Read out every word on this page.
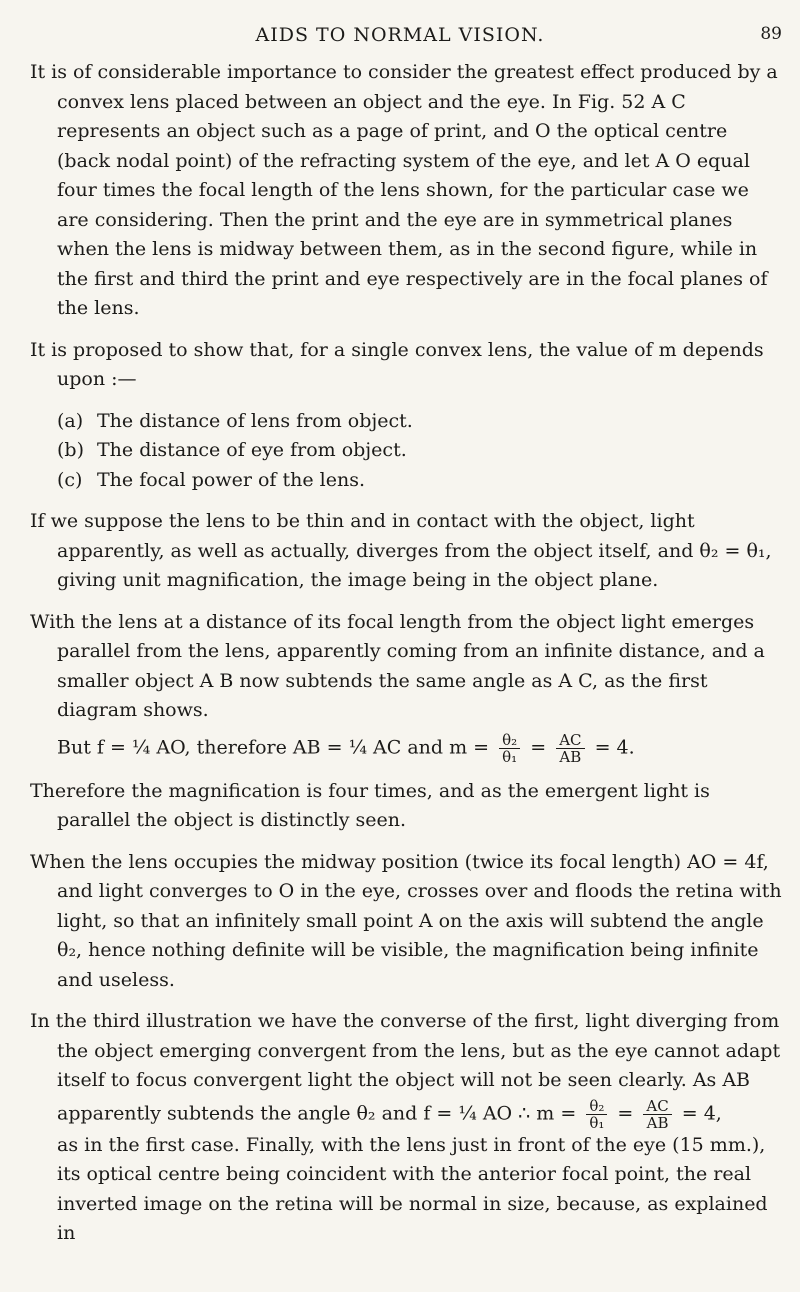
AIDS TO NORMAL VISION.	89

It is of considerable importance to consider the greatest effect produced by a convex lens placed between an object and the eye. In Fig. 52 A C represents an object such as a page of print, and O the optical centre (back nodal point) of the refracting system of the eye, and let A O equal four times the focal length of the lens shown, for the particular case we are considering. Then the print and the eye are in symmetrical planes when the lens is midway between them, as in the second figure, while in the first and third the print and eye respectively are in the focal planes of the lens.

It is proposed to show that, for a single convex lens, the value of m depends upon :—

(a) The distance of lens from object.
(b) The distance of eye from object.
(c) The focal power of the lens.

If we suppose the lens to be thin and in contact with the object, light apparently, as well as actually, diverges from the object itself, and θ₂ = θ₁, giving unit magnification, the image being in the object plane.

With the lens at a distance of its focal length from the object light emerges parallel from the lens, apparently coming from an infinite distance, and a smaller object A B now subtends the same angle as A C, as the first diagram shows.

But f = ¼ AO, therefore AB = ¼ AC and $m = \frac{\text{θ₂}}{\text{θ₁}} = \frac{AC}{AB} = 4$.

Therefore the magnification is four times, and as the emergent light is parallel the object is distinctly seen.

When the lens occupies the midway position (twice its focal length) AO = 4f, and light converges to O in the eye, crosses over and floods the retina with light, so that an infinitely small point A on the axis will subtend the angle θ₂, hence nothing definite will be visible, the magnification being infinite and useless.

In the third illustration we have the converse of the first, light diverging from the object emerging convergent from the lens, but as the eye cannot adapt itself to focus convergent light the object will not be seen clearly. As AB

apparently subtends the angle θ₂ and f = ¼ AO ∴ $m = \frac{\text{θ₂}}{\text{θ₁}} = \frac{AC}{AB} = 4$,

as in the first case. Finally, with the lens just in front of the eye (15 mm.), its optical centre being coincident with the anterior focal point, the real inverted image on the retina will be normal in size, because, as explained in
